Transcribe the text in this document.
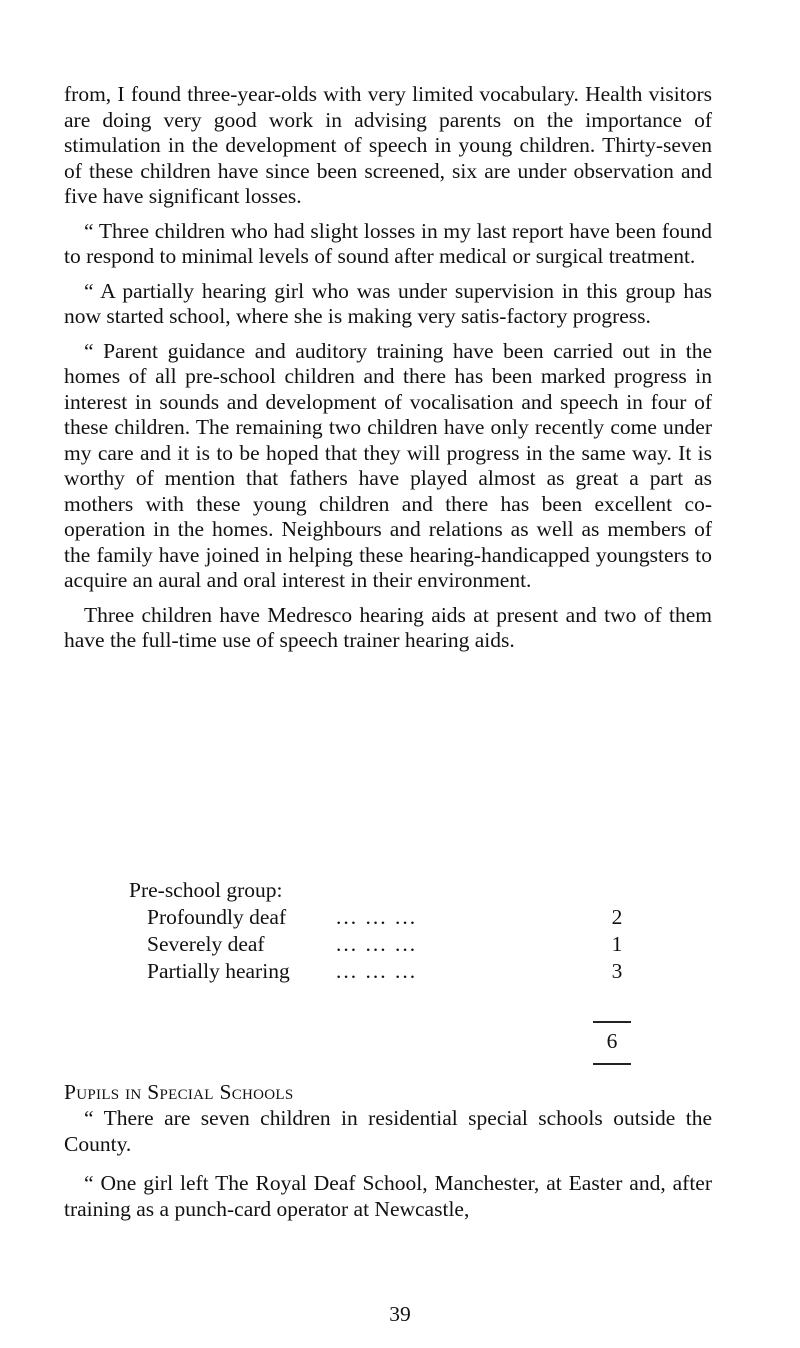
from, I found three-year-olds with very limited vocabulary. Health visitors are doing very good work in advising parents on the importance of stimulation in the development of speech in young children. Thirty-seven of these children have since been screened, six are under observation and five have significant losses.

“ Three children who had slight losses in my last report have been found to respond to minimal levels of sound after medical or surgical treatment.

“ A partially hearing girl who was under supervision in this group has now started school, where she is making very satis-factory progress.

“ Parent guidance and auditory training have been carried out in the homes of all pre-school children and there has been marked progress in interest in sounds and development of vocalisation and speech in four of these children. The remaining two children have only recently come under my care and it is to be hoped that they will progress in the same way. It is worthy of mention that fathers have played almost as great a part as mothers with these young children and there has been excellent co-operation in the homes. Neighbours and relations as well as members of the family have joined in helping these hearing-handicapped youngsters to acquire an aural and oral interest in their environment.

Three children have Medresco hearing aids at present and two of them have the full-time use of speech trainer hearing aids.

Pre-school group:
Profoundly deaf ... ... ...	2
Severely deaf	... ... ...	1
Partially hearing ... ... ...	3
6
Pupils in Special Schools

“ There are seven children in residential special schools outside the County.

“ One girl left The Royal Deaf School, Manchester, at Easter and, after training as a punch-card operator at Newcastle,

39
